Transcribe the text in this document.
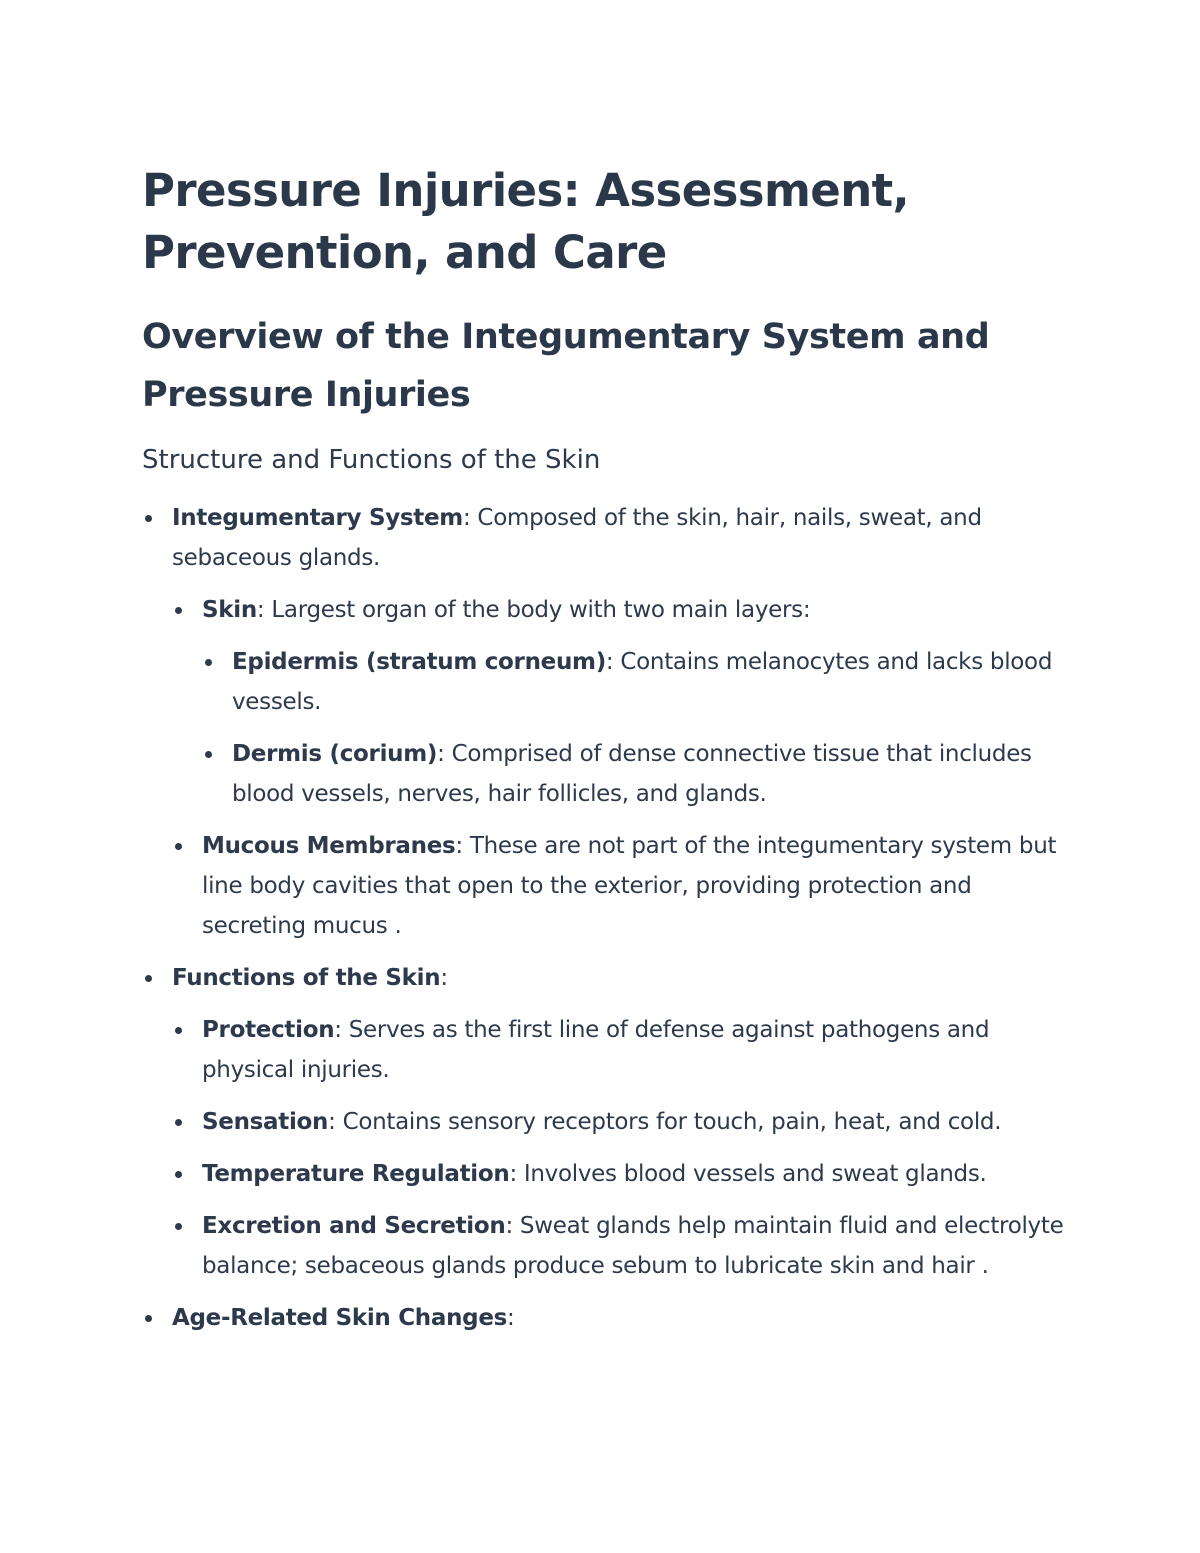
Pressure Injuries: Assessment, Prevention, and Care
Overview of the Integumentary System and Pressure Injuries
Structure and Functions of the Skin
Integumentary System: Composed of the skin, hair, nails, sweat, and sebaceous glands.
Skin: Largest organ of the body with two main layers:
Epidermis (stratum corneum): Contains melanocytes and lacks blood vessels.
Dermis (corium): Comprised of dense connective tissue that includes blood vessels, nerves, hair follicles, and glands.
Mucous Membranes: These are not part of the integumentary system but line body cavities that open to the exterior, providing protection and secreting mucus .
Functions of the Skin:
Protection: Serves as the first line of defense against pathogens and physical injuries.
Sensation: Contains sensory receptors for touch, pain, heat, and cold.
Temperature Regulation: Involves blood vessels and sweat glands.
Excretion and Secretion: Sweat glands help maintain fluid and electrolyte balance; sebaceous glands produce sebum to lubricate skin and hair .
Age-Related Skin Changes:
